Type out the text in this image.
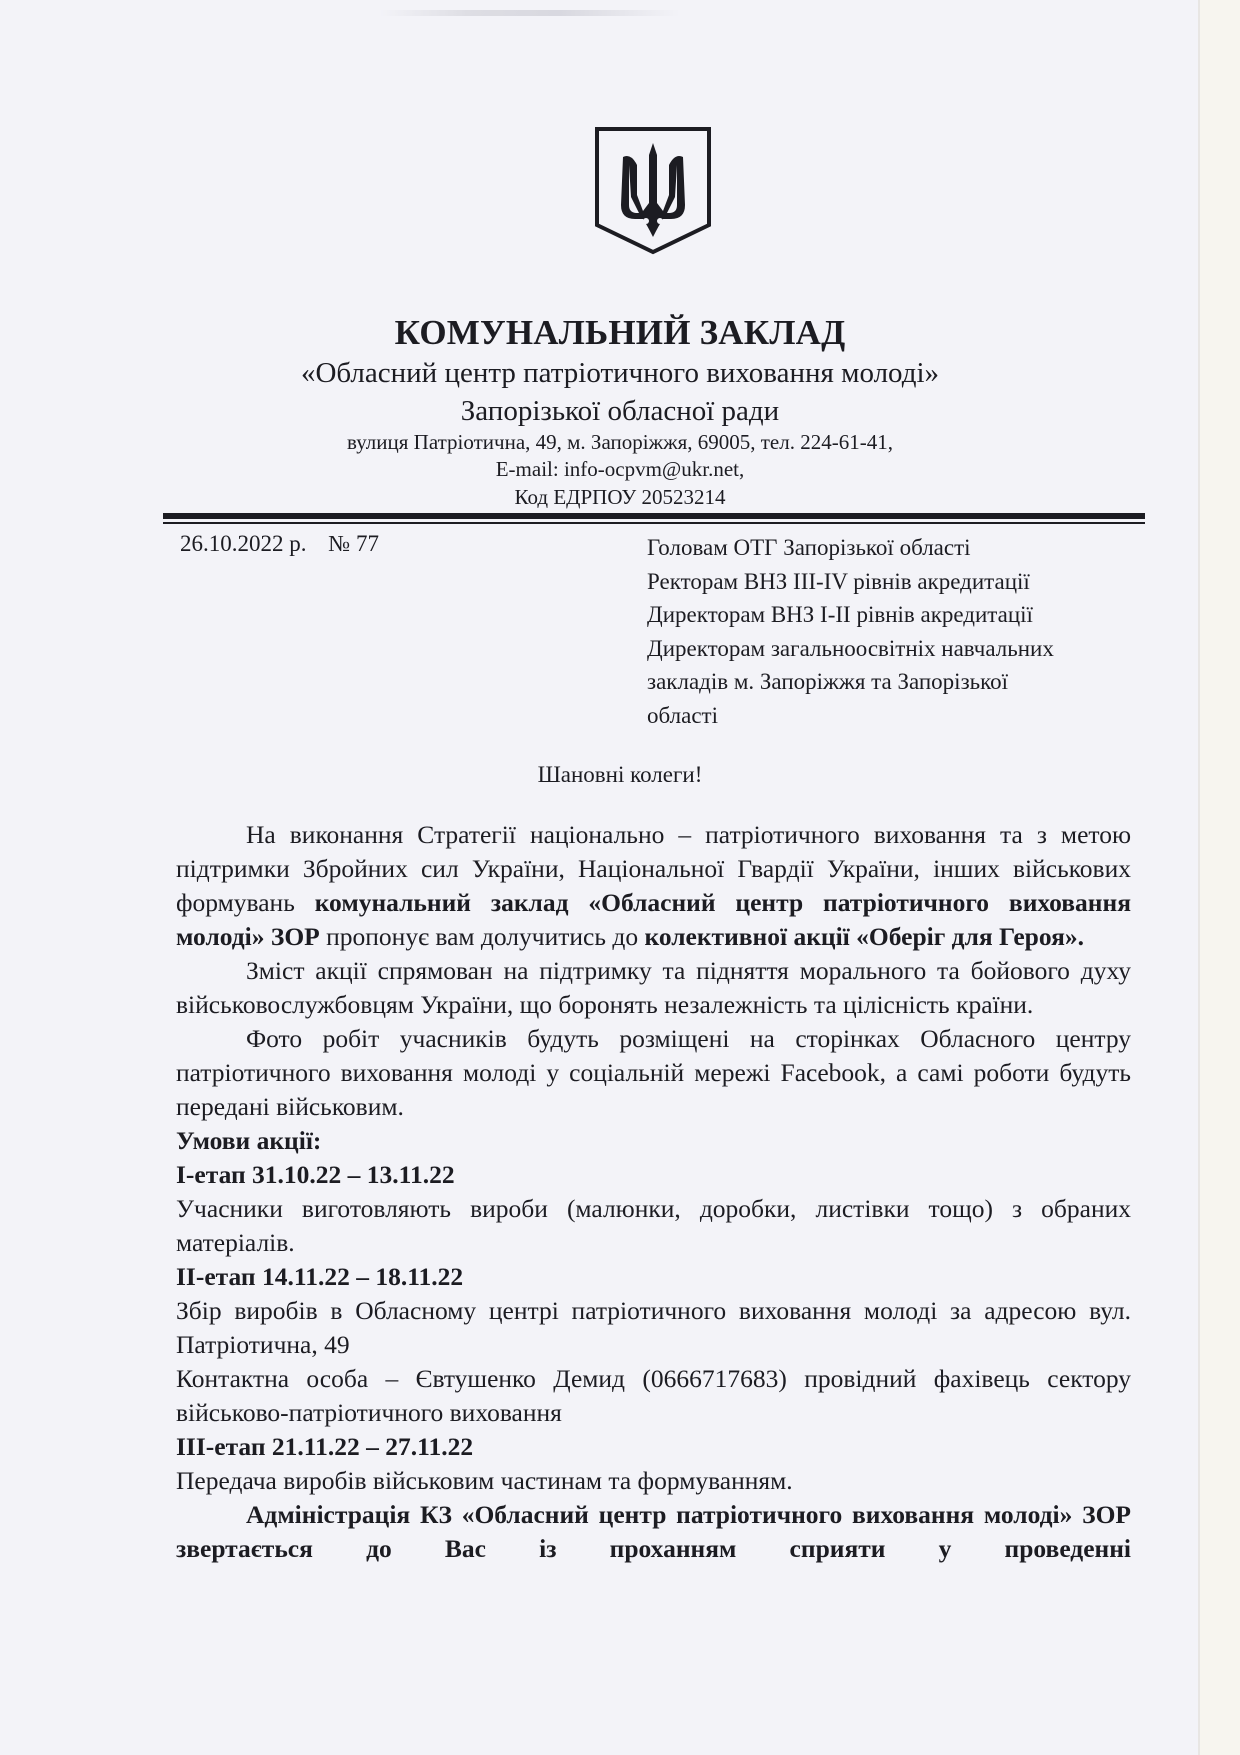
КОМУНАЛЬНИЙ ЗАКЛАД
«Обласний центр патріотичного виховання молоді»
Запорізької обласної ради
вулиця Патріотична, 49, м. Запоріжжя, 69005, тел. 224-61-41,
E-mail: info-ocpvm@ukr.net,
Код ЕДРПОУ 20523214
26.10.2022 р. № 77	Головам ОТГ Запорізької області
Ректорам ВНЗ ІІІ-ІV рівнів акредитації
Директорам ВНЗ І-ІІ рівнів акредитації
Директорам загальноосвітніх навчальних
закладів м. Запоріжжя та Запорізької
області
Шановні колеги!

На виконання Стратегії національно – патріотичного виховання та з метою підтримки Збройних сил України, Національної Гвардії України, інших військових формувань комунальний заклад «Обласний центр патріотичного виховання молоді» ЗОР пропонує вам долучитись до колективної акції «Оберіг для Героя».

Зміст акції спрямован на підтримку та підняття морального та бойового духу військовослужбовцям України, що боронять незалежність та цілісність країни.

Фото робіт учасників будуть розміщені на сторінках Обласного центру патріотичного виховання молоді у соціальній мережі Facebook, а самі роботи будуть передані військовим.

Умови акції:

І-етап 31.10.22 – 13.11.22

Учасники виготовляють вироби (малюнки, доробки, листівки тощо) з обраних матеріалів.

ІІ-етап 14.11.22 – 18.11.22

Збір виробів в Обласному центрі патріотичного виховання молоді за адресою вул. Патріотична, 49

Контактна особа – Євтушенко Демид (0666717683) провідний фахівець сектору військово-патріотичного виховання

ІІІ-етап 21.11.22 – 27.11.22

Передача виробів військовим частинам та формуванням.

Адміністрація КЗ «Обласний центр патріотичного виховання молоді» ЗОР звертається до Вас із проханням сприяти у проведенні
